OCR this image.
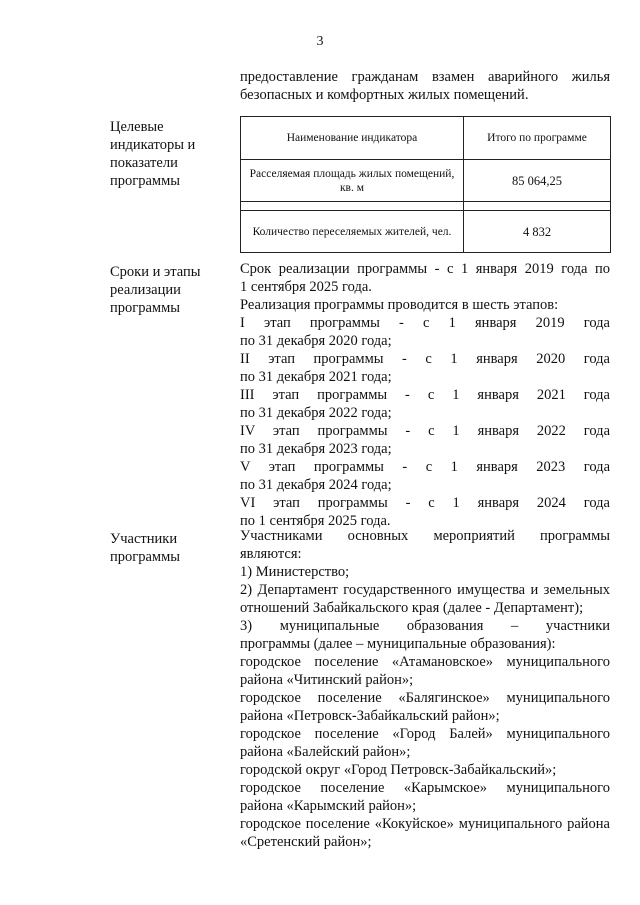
3
предоставление гражданам взамен аварийного жилья безопасных и комфортных жилых помещений.
Целевые индикаторы и показатели программы
Наименование индикатора	Итого по программе
Расселяемая площадь жилых помещений, кв. м	85 064,25

Количество переселяемых жителей, чел.	4 832
Сроки и этапы реализации программы

Срок реализации программы - с 1 января 2019 года по

1 сентября 2025 года.

Реализация программы проводится в шесть этапов:

I этап программы - с 1 января 2019 года

по 31 декабря 2020 года;

II этап программы - с 1 января 2020 года

по 31 декабря 2021 года;

III этап программы - с 1 января 2021 года

по 31 декабря 2022 года;

IV этап программы - с 1 января 2022 года

по 31 декабря 2023 года;

V этап программы - с 1 января 2023 года

по 31 декабря 2024 года;

VI этап программы - с 1 января 2024 года

по 1 сентября 2025 года.

Участники программы

Участниками основных мероприятий программы

являются:

1) Министерство;

2) Департамент государственного имущества и земельных

отношений Забайкальского края (далее - Департамент);

3) муниципальные образования – участники

программы (далее – муниципальные образования):

городское поселение «Атамановское» муниципального

района «Читинский район»;

городское поселение «Балягинское» муниципального

района «Петровск-Забайкальский район»;

городское поселение «Город Балей» муниципального

района «Балейский район»;

городской округ «Город Петровск-Забайкальский»;

городское поселение «Карымское» муниципального

района «Карымский район»;

городское поселение «Кокуйское» муниципального района

«Сретенский район»;
